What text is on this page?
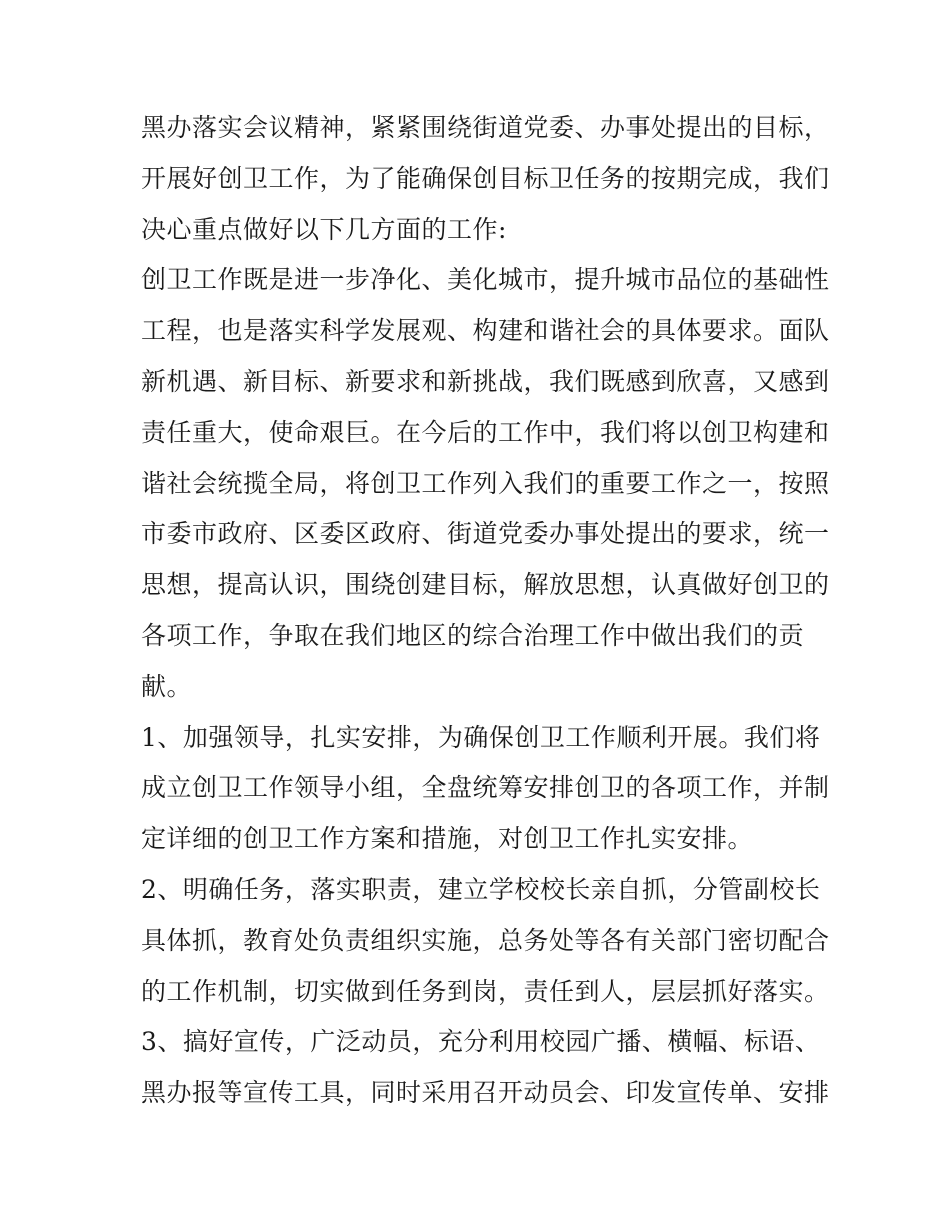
黑办落实会议精神，紧紧围绕街道党委、办事处提出的目标，
开展好创卫工作，为了能确保创目标卫任务的按期完成，我们
决心重点做好以下几方面的工作:
创卫工作既是进一步净化、美化城市，提升城市品位的基础性
工程，也是落实科学发展观、构建和谐社会的具体要求。面队
新机遇、新目标、新要求和新挑战，我们既感到欣喜，又感到
责任重大，使命艰巨。在今后的工作中，我们将以创卫构建和
谐社会统揽全局，将创卫工作列入我们的重要工作之一，按照
市委市政府、区委区政府、街道党委办事处提出的要求，统一
思想，提高认识，围绕创建目标，解放思想，认真做好创卫的
各项工作，争取在我们地区的综合治理工作中做出我们的贡
献。
1、加强领导，扎实安排，为确保创卫工作顺利开展。我们将
成立创卫工作领导小组，全盘统筹安排创卫的各项工作，并制
定详细的创卫工作方案和措施，对创卫工作扎实安排。
2、明确任务，落实职责，建立学校校长亲自抓，分管副校长
具体抓，教育处负责组织实施，总务处等各有关部门密切配合
的工作机制，切实做到任务到岗，责任到人，层层抓好落实。
3、搞好宣传，广泛动员，充分利用校园广播、横幅、标语、
黑办报等宣传工具，同时采用召开动员会、印发宣传单、安排
